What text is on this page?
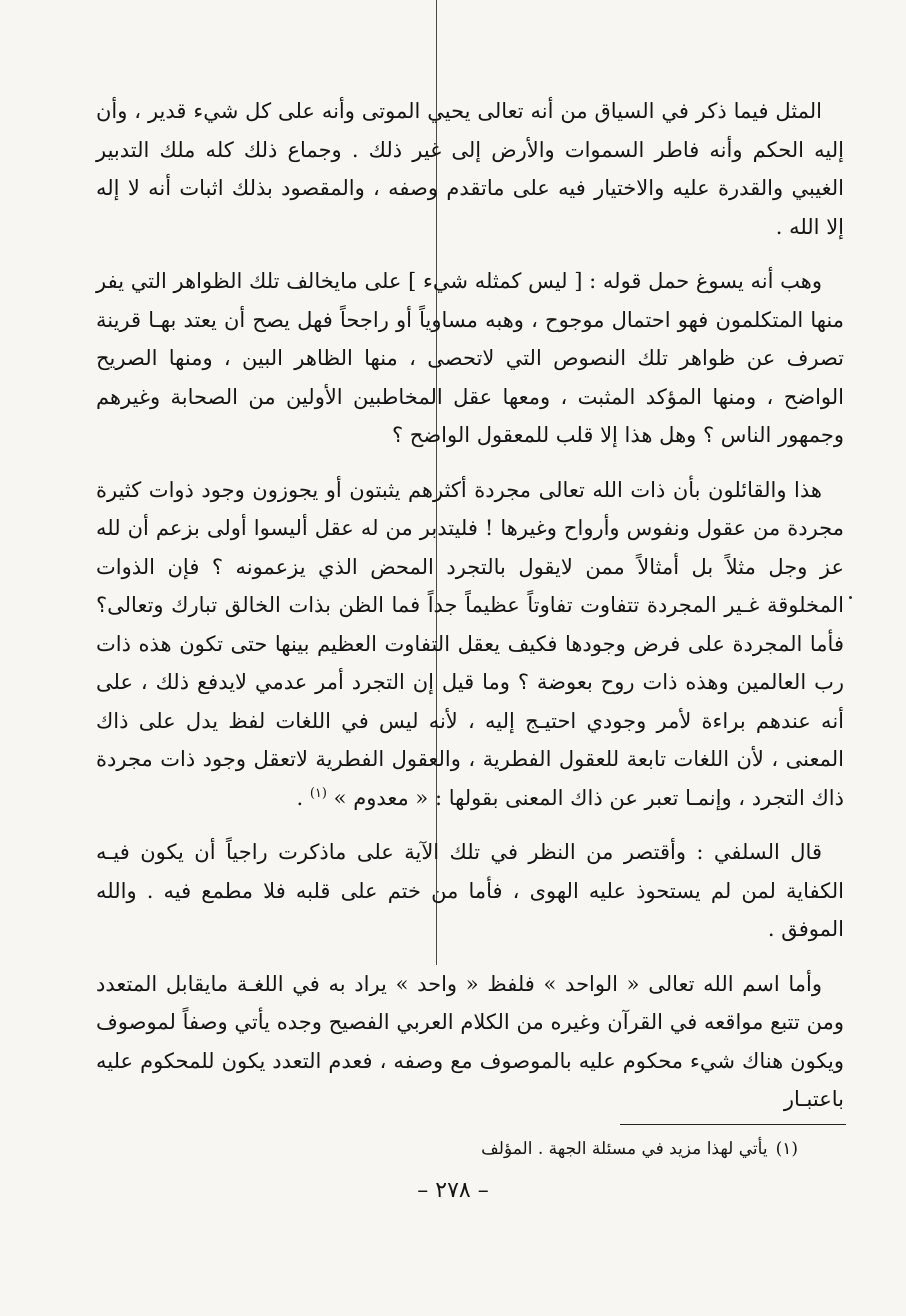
المثل فيما ذكر في السياق من أنه تعالى يحيي الموتى وأنه على كل شيء قدير ، وأن إليه الحكم وأنه فاطر السموات والأرض إلى غير ذلك . وجماع ذلك كله ملك التدبير الغيبي والقدرة عليه والاختيار فيه على ماتقدم وصفه ، والمقصود بذلك اثبات أنه لا إله إلا الله .

وهب أنه يسوغ حمل قوله : [ ليس كمثله شيء ] على مايخالف تلك الظواهر التي يفر منها المتكلمون فهو احتمال موجوح ، وهبه مساوياً أو راجحاً فهل يصح أن يعتد بهـا قرينة تصرف عن ظواهر تلك النصوص التي لاتحصى ، منها الظاهر البين ، ومنها الصريح الواضح ، ومنها المؤكد المثبت ، ومعها عقل المخاطبين الأولين من الصحابة وغيرهم وجمهور الناس ؟ وهل هذا إلا قلب للمعقول الواضح ؟

هذا والقائلون بأن ذات الله تعالى مجردة أكثرهم يثبتون أو يجوزون وجود ذوات كثيرة مجردة من عقول ونفوس وأرواح وغيرها ! فليتدبر من له عقل أليسوا أولى بزعم أن لله عز وجل مثلاً بل أمثالاً ممن لايقول بالتجرد المحض الذي يزعمونه ؟ فإن الذوات المخلوقة غـير المجردة تتفاوت تفاوتاً عظيماً جداً فما الظن بذات الخالق تبارك وتعالى؟ فأما المجردة على فرض وجودها فكيف يعقل التفاوت العظيم بينها حتى تكون هذه ذات رب العالمين وهذه ذات روح بعوضة ؟ وما قيل إن التجرد أمر عدمي لايدفع ذلك ، على أنه عندهم براءة لأمر وجودي احتيـج إليه ، لأنه ليس في اللغات لفظ يدل على ذاك المعنى ، لأن اللغات تابعة للعقول الفطرية ، والعقول الفطرية لاتعقل وجود ذات مجردة ذاك التجرد ، وإنمـا تعبر عن ذاك المعنى بقولها : « معدوم » $^{(١)}$ .

قال السلفي : وأقتصر من النظر في تلك الآية على ماذكرت راجياً أن يكون فيـه الكفاية لمن لم يستحوذ عليه الهوى ، فأما من ختم على قلبه فلا مطمع فيه . والله الموفق .

وأما اسم الله تعالى « الواحد » فلفظ « واحد » يراد به في اللغـة مايقابل المتعدد ومن تتبع مواقعه في القرآن وغيره من الكلام العربي الفصيح وجده يأتي وصفاً لموصوف ويكون هناك شيء محكوم عليه بالموصوف مع وصفه ، فعدم التعدد يكون للمحكوم عليه باعتبـار

(١)يأتي لهذا مزيد في مسئلة الجهة . المؤلف
– ٢٧٨ –
